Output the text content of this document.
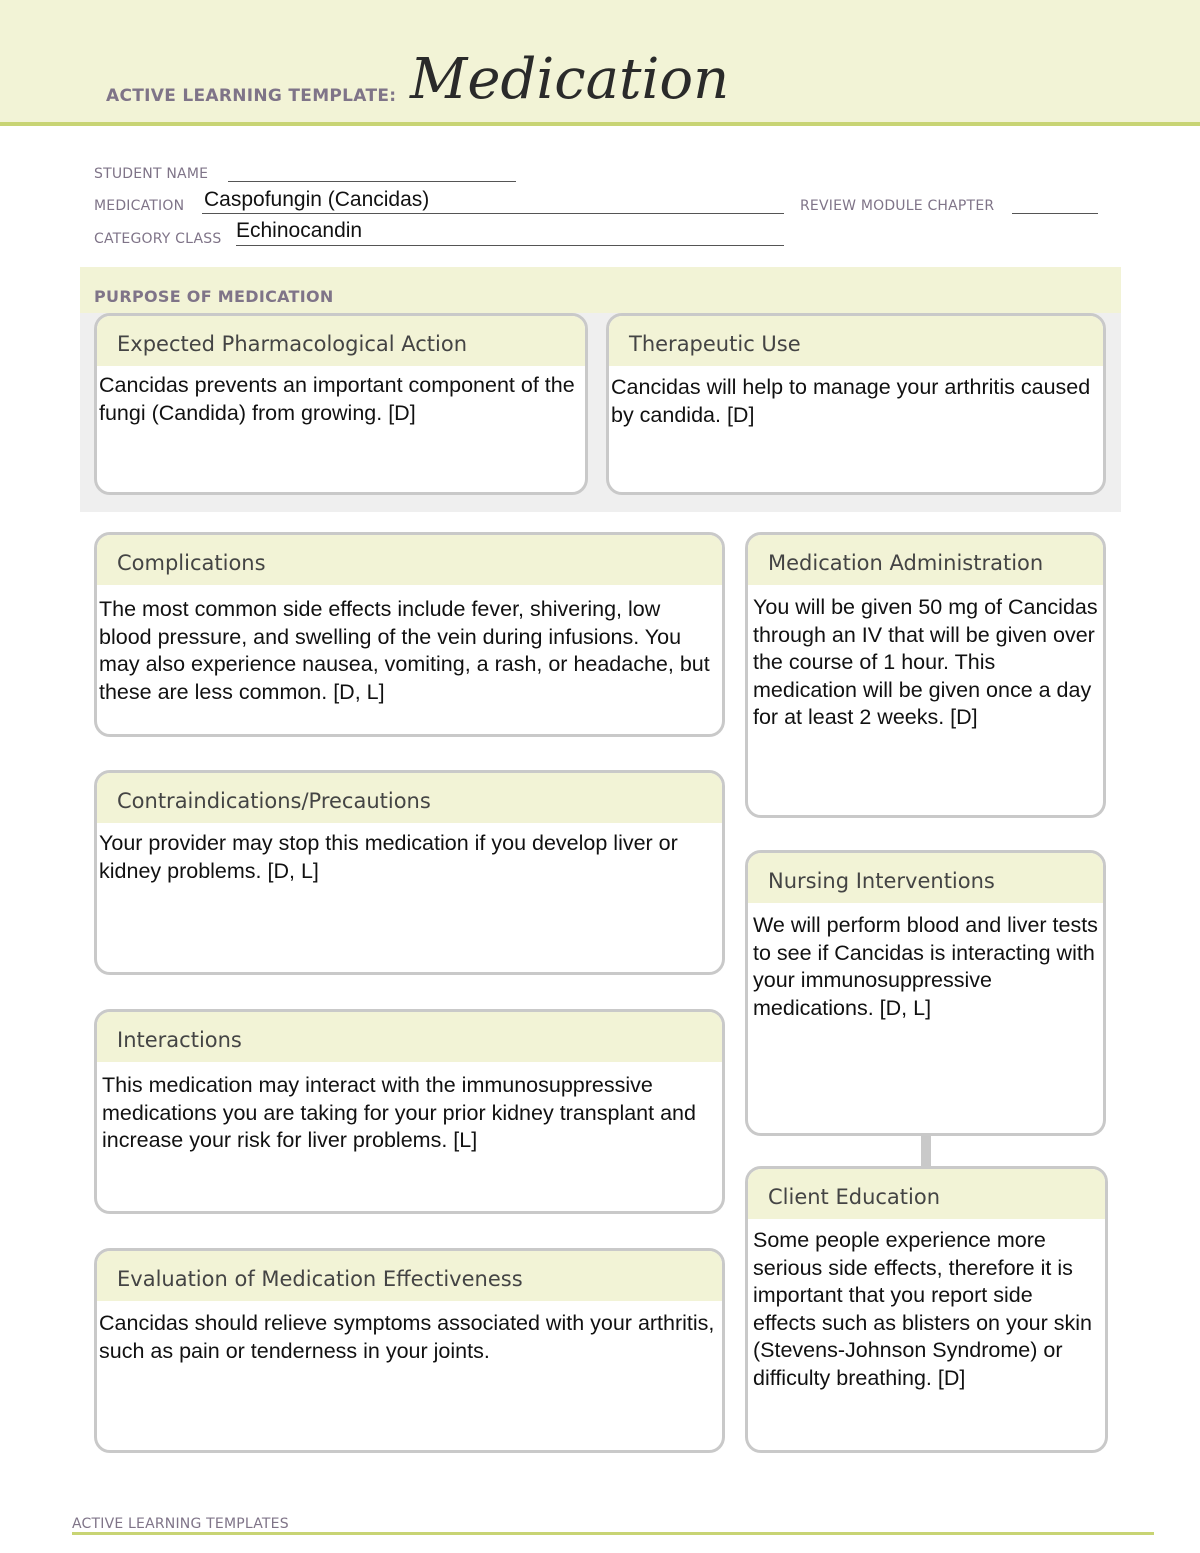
ACTIVE LEARNING TEMPLATE: Medication
STUDENT NAME
MEDICATION Caspofungin (Cancidas)	REVIEW MODULE CHAPTER
CATEGORY CLASS Echinocandin
PURPOSE OF MEDICATION
Expected Pharmacological Action
Cancidas prevents an important component of the fungi (Candida) from growing. [D]
Therapeutic Use
Cancidas will help to manage your arthritis caused by candida. [D]
Complications
The most common side effects include fever, shivering, low blood pressure, and swelling of the vein during infusions. You may also experience nausea, vomiting, a rash, or headache, but these are less common. [D, L]
Contraindications/Precautions
Your provider may stop this medication if you develop liver or kidney problems. [D, L]
Interactions
This medication may interact with the immunosuppressive medications you are taking for your prior kidney transplant and increase your risk for liver problems. [L]
Evaluation of Medication Effectiveness
Cancidas should relieve symptoms associated with your arthritis, such as pain or tenderness in your joints.
Medication Administration
You will be given 50 mg of Cancidas through an IV that will be given over the course of 1 hour. This medication will be given once a day for at least 2 weeks. [D]
Nursing Interventions
We will perform blood and liver tests to see if Cancidas is interacting with your immunosuppressive medications. [D, L]
Client Education
Some people experience more serious side effects, therefore it is important that you report side effects such as blisters on your skin (Stevens-Johnson Syndrome) or difficulty breathing. [D]
ACTIVE LEARNING TEMPLATES
